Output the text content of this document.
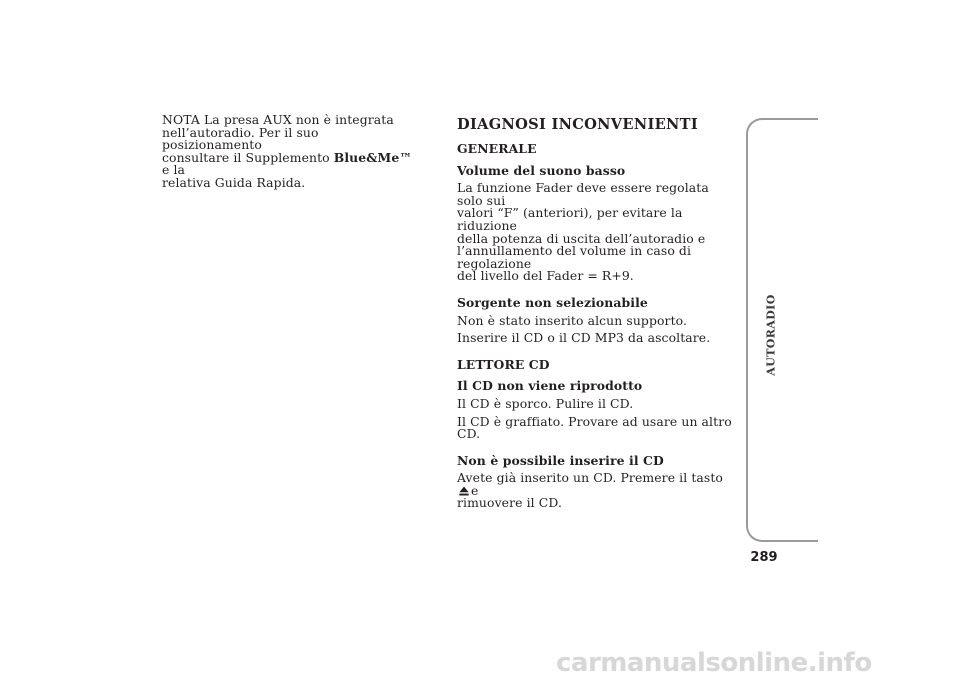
NOTA La presa AUX non è integrata

nell’autoradio. Per il suo posizionamento

consultare il Supplemento Blue&Me™ e la

relativa Guida Rapida.

DIAGNOSI INCONVENIENTI
GENERALE
Volume del suono basso

La funzione Fader deve essere regolata solo sui

valori “F” (anteriori), per evitare la riduzione

della potenza di uscita dell’autoradio e

l’annullamento del volume in caso di regolazione

del livello del Fader = R+9.

Sorgente non selezionabile

Non è stato inserito alcun supporto.

Inserire il CD o il CD MP3 da ascoltare.

LETTORE CD
Il CD non viene riprodotto

Il CD è sporco. Pulire il CD.

Il CD è graffiato. Provare ad usare un altro CD.

Non è possibile inserire il CD

Avete già inserito un CD. Premere il tastoe

rimuovere il CD.

AUTORADIO
289
carmanualsonline.info
